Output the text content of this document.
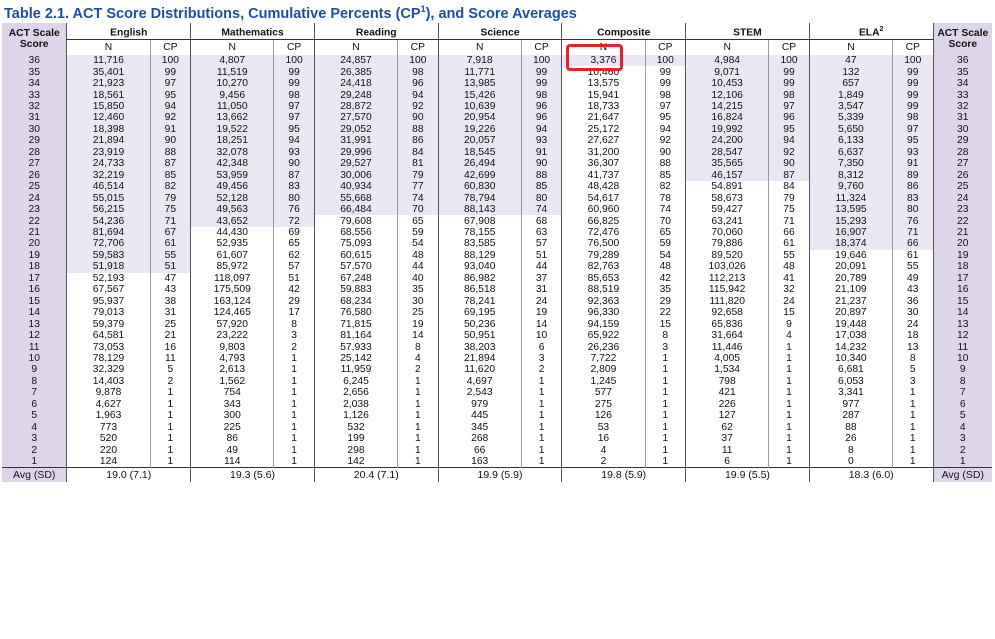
Table 2.1. ACT Score Distributions, Cumulative Percents $(CP^1)$, and Score Averages
ACT Scale
Score	English		Mathematics		Reading		Science		Composite		STEM		ELA$^2$		ACT Scale
Score
	N	CP	N	CP	N	CP	N	CP	N	CP	N	CP	N	CP	
36	11,716	100	4,807	100	24,857	100	7,918	100	3,376	100	4,984	100	47	100	36
35	35,401	99	11,519	99	26,385	98	11,771	99	10,460	99	9,071	99	132	99	35
34	21,923	97	10,270	99	24,418	96	13,985	99	13,575	99	10,453	99	657	99	34
33	18,561	95	9,456	98	29,248	94	15,426	98	15,941	98	12,106	98	1,849	99	33
32	15,850	94	11,050	97	28,872	92	10,639	96	18,733	97	14,215	97	3,547	99	32
31	12,460	92	13,662	97	27,570	90	20,954	96	21,647	95	16,824	96	5,339	98	31
30	18,398	91	19,522	95	29,052	88	19,226	94	25,172	94	19,992	95	5,650	97	30
29	21,894	90	18,251	94	31,991	86	20,057	93	27,627	92	24,200	94	6,133	95	29
28	23,919	88	32,078	93	29,996	84	18,545	91	31,200	90	28,547	92	6,637	93	28
27	24,733	87	42,348	90	29,527	81	26,494	90	36,307	88	35,565	90	7,350	91	27
26	32,219	85	53,959	87	30,006	79	42,699	88	41,737	85	46,157	87	8,312	89	26
25	46,514	82	49,456	83	40,934	77	60,830	85	48,428	82	54,891	84	9,760	86	25
24	55,015	79	52,128	80	55,668	74	78,794	80	54,617	78	58,673	79	11,324	83	24
23	56,215	75	49,563	76	66,484	70	88,143	74	60,960	74	59,427	75	13,595	80	23
22	54,236	71	43,652	72	79,608	65	67,908	68	66,825	70	63,241	71	15,293	76	22
21	81,694	67	44,430	69	68,556	59	78,155	63	72,476	65	70,060	66	16,907	71	21
20	72,706	61	52,935	65	75,093	54	83,585	57	76,500	59	79,886	61	18,374	66	20
19	59,583	55	61,607	62	60,615	48	88,129	51	79,289	54	89,520	55	19,646	61	19
18	51,918	51	85,972	57	57,570	44	93,040	44	82,763	48	103,026	48	20,091	55	18
17	52,193	47	118,097	51	67,248	40	86,982	37	85,653	42	112,213	41	20,789	49	17
16	67,567	43	175,509	42	59,883	35	86,518	31	88,519	35	115,942	32	21,109	43	16
15	95,937	38	163,124	29	68,234	30	78,241	24	92,363	29	111,820	24	21,237	36	15
14	79,013	31	124,465	17	76,580	25	69,195	19	96,330	22	92,658	15	20,897	30	14
13	59,379	25	57,920	8	71,815	19	50,236	14	94,159	15	65,836	9	19,448	24	13
12	64,581	21	23,222	3	81,164	14	50,951	10	65,922	8	31,664	4	17,038	18	12
11	73,053	16	9,803	2	57,933	8	38,203	6	26,236	3	11,446	1	14,232	13	11
10	78,129	11	4,793	1	25,142	4	21,894	3	7,722	1	4,005	1	10,340	8	10
9	32,329	5	2,613	1	11,959	2	11,620	2	2,809	1	1,534	1	6,681	5	9
8	14,403	2	1,562	1	6,245	1	4,697	1	1,245	1	798	1	6,053	3	8
7	9,878	1	754	1	2,656	1	2,543	1	577	1	421	1	3,341	1	7
6	4,627	1	343	1	2,038	1	979	1	275	1	226	1	977	1	6
5	1,963	1	300	1	1,126	1	445	1	126	1	127	1	287	1	5
4	773	1	225	1	532	1	345	1	53	1	62	1	88	1	4
3	520	1	86	1	199	1	268	1	16	1	37	1	26	1	3
2	220	1	49	1	298	1	66	1	4	1	11	1	8	1	2
1	124	1	114	1	142	1	163	1	2	1	6	1	0	1	1
Avg (SD)	19.0 (7.1)		19.3 (5.6)		20.4 (7.1)		19.9 (5.9)		19.8 (5.9)		19.9 (5.5)		18.3 (6.0)		Avg (SD)
